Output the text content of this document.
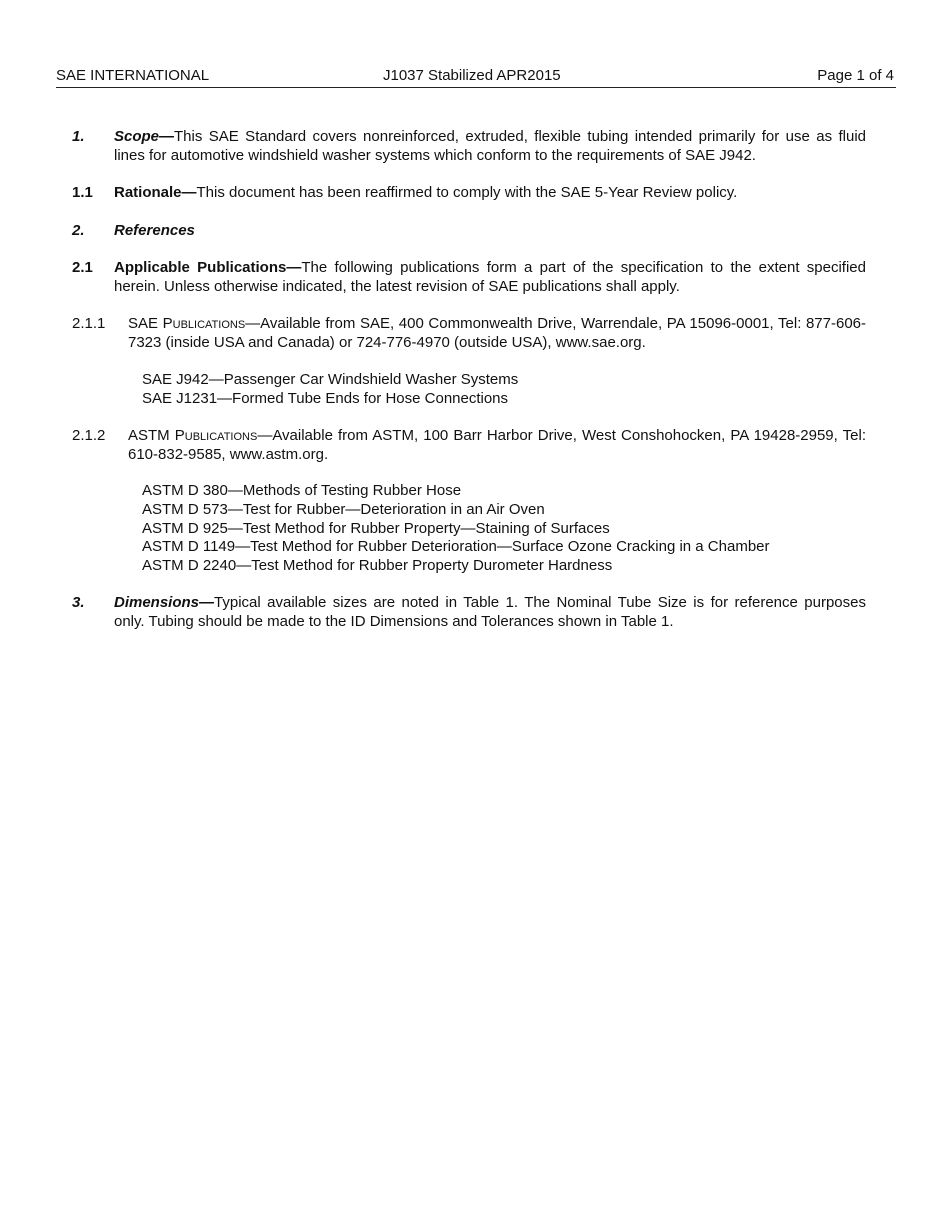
SAE INTERNATIONAL	J1037 Stabilized APR2015	Page 1 of 4
1. Scope—This SAE Standard covers nonreinforced, extruded, flexible tubing intended primarily for use as fluid lines for automotive windshield washer systems which conform to the requirements of SAE J942.
1.1 Rationale—This document has been reaffirmed to comply with the SAE 5-Year Review policy.
2. References
2.1 Applicable Publications—The following publications form a part of the specification to the extent specified herein. Unless otherwise indicated, the latest revision of SAE publications shall apply.
2.1.1 SAE Publications—Available from SAE, 400 Commonwealth Drive, Warrendale, PA 15096-0001, Tel: 877-606-7323 (inside USA and Canada) or 724-776-4970 (outside USA), www.sae.org.
SAE J942—Passenger Car Windshield Washer Systems
SAE J1231—Formed Tube Ends for Hose Connections
2.1.2 ASTM Publications—Available from ASTM, 100 Barr Harbor Drive, West Conshohocken, PA 19428-2959, Tel: 610-832-9585, www.astm.org.
ASTM D 380—Methods of Testing Rubber Hose
ASTM D 573—Test for Rubber—Deterioration in an Air Oven
ASTM D 925—Test Method for Rubber Property—Staining of Surfaces
ASTM D 1149—Test Method for Rubber Deterioration—Surface Ozone Cracking in a Chamber
ASTM D 2240—Test Method for Rubber Property Durometer Hardness
3. Dimensions—Typical available sizes are noted in Table 1. The Nominal Tube Size is for reference purposes only. Tubing should be made to the ID Dimensions and Tolerances shown in Table 1.
